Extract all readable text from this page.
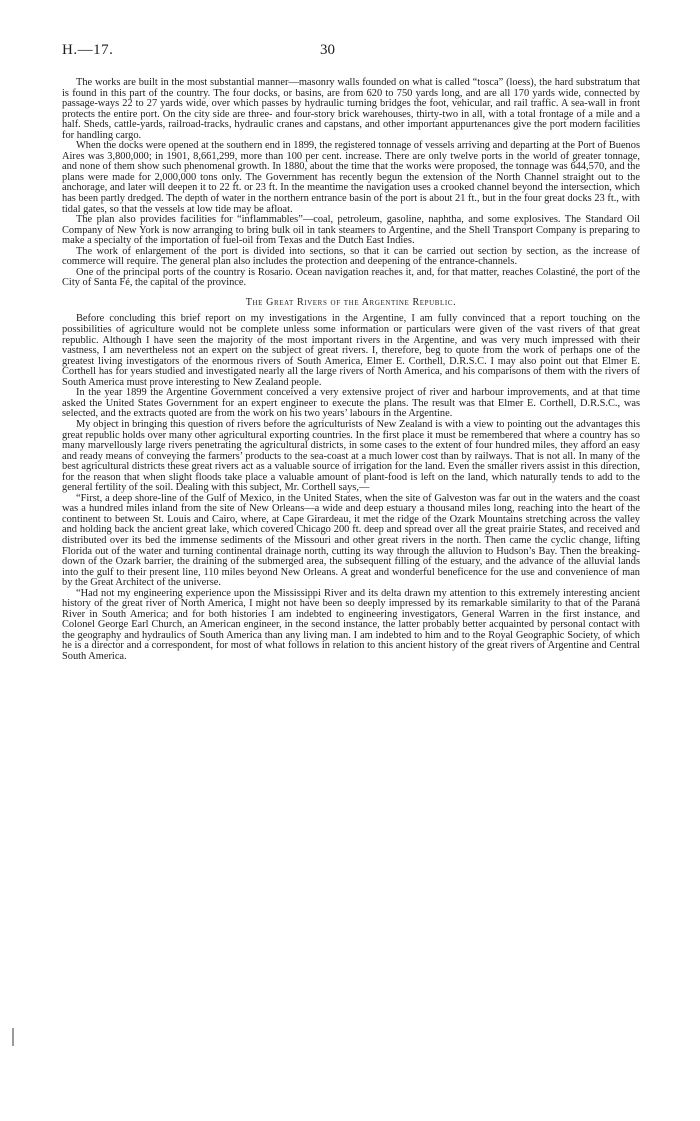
H.—17.	30

The works are built in the most substantial manner—masonry walls founded on what is called “tosca” (loess), the hard substratum that is found in this part of the country. The four docks, or basins, are from 620 to 750 yards long, and are all 170 yards wide, connected by passage-ways 22 to 27 yards wide, over which passes by hydraulic turning bridges the foot, vehicular, and rail traffic. A sea-wall in front protects the entire port. On the city side are three- and four-story brick warehouses, thirty-two in all, with a total frontage of a mile and a half. Sheds, cattle-yards, railroad-tracks, hydraulic cranes and capstans, and other important appurtenances give the port modern facilities for handling cargo.

When the docks were opened at the southern end in 1899, the registered tonnage of vessels arriving and departing at the Port of Buenos Aires was 3,800,000; in 1901, 8,661,299, more than 100 per cent. increase. There are only twelve ports in the world of greater tonnage, and none of them show such phenomenal growth. In 1880, about the time that the works were proposed, the tonnage was 644,570, and the plans were made for 2,000,000 tons only. The Government has recently begun the extension of the North Channel straight out to the anchorage, and later will deepen it to 22 ft. or 23 ft. In the meantime the navigation uses a crooked channel beyond the intersection, which has been partly dredged. The depth of water in the northern entrance basin of the port is about 21 ft., but in the four great docks 23 ft., with tidal gates, so that the vessels at low tide may be afloat.

The plan also provides facilities for “inflammables”—coal, petroleum, gasoline, naphtha, and some explosives. The Standard Oil Company of New York is now arranging to bring bulk oil in tank steamers to Argentine, and the Shell Transport Company is preparing to make a specialty of the importation of fuel-oil from Texas and the Dutch East Indies.

The work of enlargement of the port is divided into sections, so that it can be carried out section by section, as the increase of commerce will require. The general plan also includes the protection and deepening of the entrance-channels.

One of the principal ports of the country is Rosario. Ocean navigation reaches it, and, for that matter, reaches Colastiné, the port of the City of Santa Fé, the capital of the province.

The Great Rivers of the Argentine Republic.

Before concluding this brief report on my investigations in the Argentine, I am fully convinced that a report touching on the possibilities of agriculture would not be complete unless some information or particulars were given of the vast rivers of that great republic. Although I have seen the majority of the most important rivers in the Argentine, and was very much impressed with their vastness, I am nevertheless not an expert on the subject of great rivers. I, therefore, beg to quote from the work of perhaps one of the greatest living investigators of the enormous rivers of South America, Elmer E. Corthell, D.R.S.C. I may also point out that Elmer E. Corthell has for years studied and investigated nearly all the large rivers of North America, and his comparisons of them with the rivers of South America must prove interesting to New Zealand people.

In the year 1899 the Argentine Government conceived a very extensive project of river and harbour improvements, and at that time asked the United States Government for an expert engineer to execute the plans. The result was that Elmer E. Corthell, D.R.S.C., was selected, and the extracts quoted are from the work on his two years’ labours in the Argentine.

My object in bringing this question of rivers before the agriculturists of New Zealand is with a view to pointing out the advantages this great republic holds over many other agricultural exporting countries. In the first place it must be remembered that where a country has so many marvellously large rivers penetrating the agricultural districts, in some cases to the extent of four hundred miles, they afford an easy and ready means of conveying the farmers’ products to the sea-coast at a much lower cost than by railways. That is not all. In many of the best agricultural districts these great rivers act as a valuable source of irrigation for the land. Even the smaller rivers assist in this direction, for the reason that when slight floods take place a valuable amount of plant-food is left on the land, which naturally tends to add to the general fertility of the soil. Dealing with this subject, Mr. Corthell says,—

“First, a deep shore-line of the Gulf of Mexico, in the United States, when the site of Galveston was far out in the waters and the coast was a hundred miles inland from the site of New Orleans—a wide and deep estuary a thousand miles long, reaching into the heart of the continent to between St. Louis and Cairo, where, at Cape Girardeau, it met the ridge of the Ozark Mountains stretching across the valley and holding back the ancient great lake, which covered Chicago 200 ft. deep and spread over all the great prairie States, and received and distributed over its bed the immense sediments of the Missouri and other great rivers in the north. Then came the cyclic change, lifting Florida out of the water and turning continental drainage north, cutting its way through the alluvion to Hudson’s Bay. Then the breaking-down of the Ozark barrier, the draining of the submerged area, the subsequent filling of the estuary, and the advance of the alluvial lands into the gulf to their present line, 110 miles beyond New Orleans. A great and wonderful beneficence for the use and convenience of man by the Great Architect of the universe.

“Had not my engineering experience upon the Mississippi River and its delta drawn my attention to this extremely interesting ancient history of the great river of North America, I might not have been so deeply impressed by its remarkable similarity to that of the Paraná River in South America; and for both histories I am indebted to engineering investigators, General Warren in the first instance, and Colonel George Earl Church, an American engineer, in the second instance, the latter probably better acquainted by personal contact with the geography and hydraulics of South America than any living man. I am indebted to him and to the Royal Geographic Society, of which he is a director and a correspondent, for most of what follows in relation to this ancient history of the great rivers of Argentine and Central South America.
